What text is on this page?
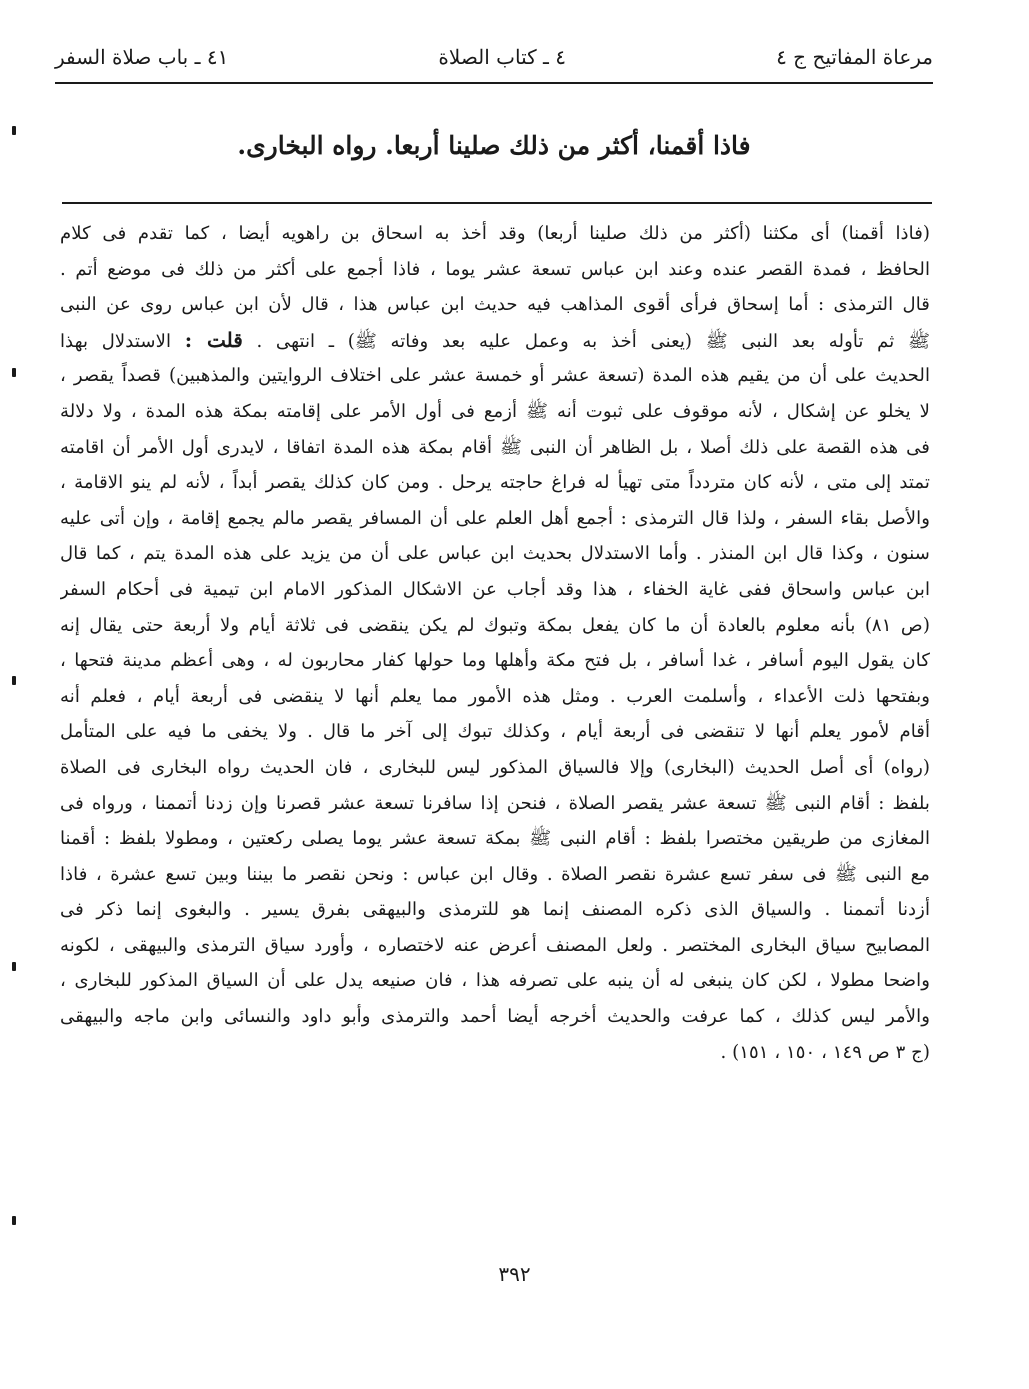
مرعاة المفاتيح ج ٤
٤ ـ كتاب الصلاة
٤١ ـ باب صلاة السفر
فاذا أقمنا، أكثر من ذلك صلينا أربعا. رواه البخارى.
(فاذا أقمنا) أى مكثنا (أكثر من ذلك صلينا أربعا) وقد أخذ به اسحاق بن راهويه أيضا ، كما تقدم فى كلام
الحافظ ، فمدة القصر عنده وعند ابن عباس تسعة عشر يوما ، فاذا أجمع على أكثر من ذلك فى موضع أتم .
قال الترمذى : أما إسحاق فرأى أقوى المذاهب فيه حديث ابن عباس هذا ، قال لأن ابن عباس روى عن النبى
ﷺ ثم تأوله بعد النبى ﷺ (يعنى أخذ به وعمل عليه بعد وفاته ﷺ) ـ انتهى . قلت : الاستدلال بهذا
الحديث على أن من يقيم هذه المدة (تسعة عشر أو خمسة عشر على اختلاف الروايتين والمذهبين) قصداً يقصر ،
لا يخلو عن إشكال ، لأنه موقوف على ثبوت أنه ﷺ أزمع فى أول الأمر على إقامته بمكة هذه المدة ، ولا دلالة
فى هذه القصة على ذلك أصلا ، بل الظاهر أن النبى ﷺ أقام بمكة هذه المدة اتفاقا ، لايدرى أول الأمر أن اقامته
تمتد إلى متى ، لأنه كان متردداً متى تهيأ له فراغ حاجته يرحل . ومن كان كذلك يقصر أبداً ، لأنه لم ينو الاقامة ،
والأصل بقاء السفر ، ولذا قال الترمذى : أجمع أهل العلم على أن المسافر يقصر مالم يجمع إقامة ، وإن أتى عليه
سنون ، وكذا قال ابن المنذر . وأما الاستدلال بحديث ابن عباس على أن من يزيد على هذه المدة يتم ، كما قال
ابن عباس واسحاق ففى غاية الخفاء ، هذا وقد أجاب عن الاشكال المذكور الامام ابن تيمية فى أحكام السفر
(ص ٨١) بأنه معلوم بالعادة أن ما كان يفعل بمكة وتبوك لم يكن ينقضى فى ثلاثة أيام ولا أربعة حتى يقال إنه
كان يقول اليوم أسافر ، غدا أسافر ، بل فتح مكة وأهلها وما حولها كفار محاربون له ، وهى أعظم مدينة فتحها ،
وبفتحها ذلت الأعداء ، وأسلمت العرب . ومثل هذه الأمور مما يعلم أنها لا ينقضى فى أربعة أيام ، فعلم أنه
أقام لأمور يعلم أنها لا تنقضى فى أربعة أيام ، وكذلك تبوك إلى آخر ما قال . ولا يخفى ما فيه على المتأمل
(رواه) أى أصل الحديث (البخارى) وإلا فالسياق المذكور ليس للبخارى ، فان الحديث رواه البخارى فى الصلاة
بلفظ : أقام النبى ﷺ تسعة عشر يقصر الصلاة ، فنحن إذا سافرنا تسعة عشر قصرنا وإن زدنا أتممنا ، ورواه فى
المغازى من طريقين مختصرا بلفظ : أقام النبى ﷺ بمكة تسعة عشر يوما يصلى ركعتين ، ومطولا بلفظ : أقمنا
مع النبى ﷺ فى سفر تسع عشرة نقصر الصلاة . وقال ابن عباس : ونحن نقصر ما بيننا وبين تسع عشرة ، فاذا
أزدنا أتممنا . والسياق الذى ذكره المصنف إنما هو للترمذى والبيهقى بفرق يسير . والبغوى إنما ذكر فى
المصابيح سياق البخارى المختصر . ولعل المصنف أعرض عنه لاختصاره ، وأورد سياق الترمذى والبيهقى ، لكونه
واضحا مطولا ، لكن كان ينبغى له أن ينبه على تصرفه هذا ، فان صنيعه يدل على أن السياق المذكور للبخارى ،
والأمر ليس كذلك ، كما عرفت والحديث أخرجه أيضا أحمد والترمذى وأبو داود والنسائى وابن ماجه والبيهقى
(ج ٣ ص ١٤٩ ، ١٥٠ ، ١٥١) .
٣٩٢
